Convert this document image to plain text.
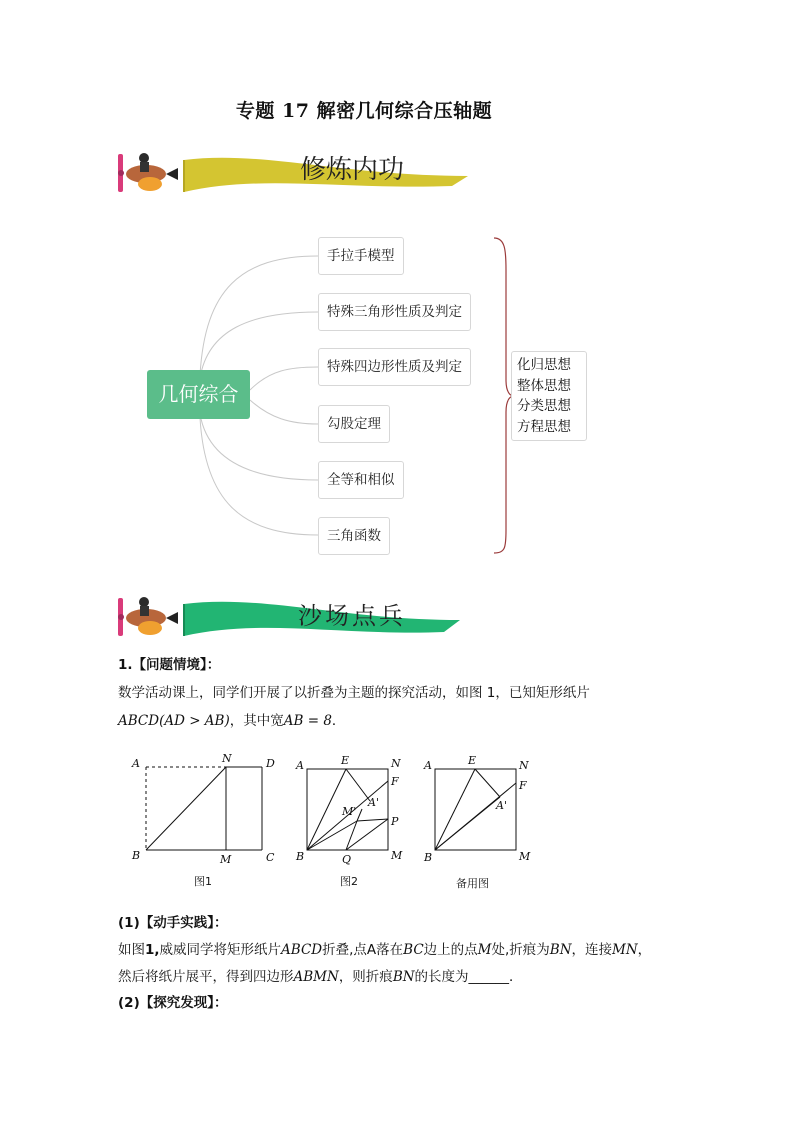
专题 17 解密几何综合压轴题
修炼内功
几何综合
手拉手模型
特殊三角形性质及判定
特殊四边形性质及判定
勾股定理
全等和相似
三角函数
化归思想
整体思想
分类思想
方程思想
沙场点兵
1.【问题情境】：
数学活动课上，同学们开展了以折叠为主题的探究活动，如图 1，已知矩形纸片
ABCD(AD > AB)，其中宽AB = 8．
A	N	D
B	M	C
图1
A	E	N
F
M'
A'
P
B	Q	M
图2
A	E	N
F
A'
B	M
备用图
(1)【动手实践】：
如图1,威威同学将矩形纸片ABCD折叠,点A落在BC边上的点M处,折痕为BN，连接MN，
然后将纸片展平，得到四边形ABMN，则折痕BN的长度为______．
(2)【探究发现】：
